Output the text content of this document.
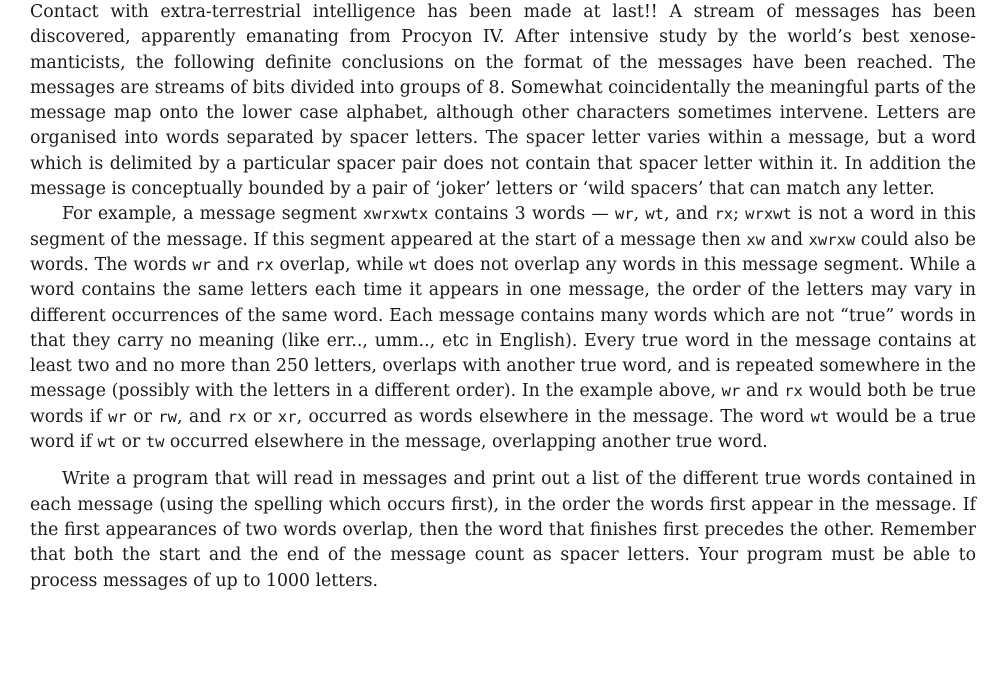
Contact with extra-terrestrial intelligence has been made at last!! A stream of messages has been discovered, apparently emanating from Procyon IV. After intensive study by the world’s best xenosemanticists, the following definite conclusions on the format of the messages have been reached. The messages are streams of bits divided into groups of 8. Somewhat coincidentally the meaningful parts of the message map onto the lower case alphabet, although other characters sometimes intervene. Letters are organised into words separated by spacer letters. The spacer letter varies within a message, but a word which is delimited by a particular spacer pair does not contain that spacer letter within it. In addition the message is conceptually bounded by a pair of ‘joker’ letters or ‘wild spacers’ that can match any letter.

For example, a message segment xwrxwtx contains 3 words — wr, wt, and rx; wrxwt is not a word in this segment of the message. If this segment appeared at the start of a message then xw and xwrxw could also be words. The words wr and rx overlap, while wt does not overlap any words in this message segment. While a word contains the same letters each time it appears in one message, the order of the letters may vary in different occurrences of the same word. Each message contains many words which are not “true” words in that they carry no meaning (like err.., umm.., etc in English). Every true word in the message contains at least two and no more than 250 letters, overlaps with another true word, and is repeated somewhere in the message (possibly with the letters in a different order). In the example above, wr and rx would both be true words if wr or rw, and rx or xr, occurred as words elsewhere in the message. The word wt would be a true word if wt or tw occurred elsewhere in the message, overlapping another true word.

Write a program that will read in messages and print out a list of the different true words contained in each message (using the spelling which occurs first), in the order the words first appear in the message. If the first appearances of two words overlap, then the word that finishes first precedes the other. Remember that both the start and the end of the message count as spacer letters. Your program must be able to process messages of up to 1000 letters.
